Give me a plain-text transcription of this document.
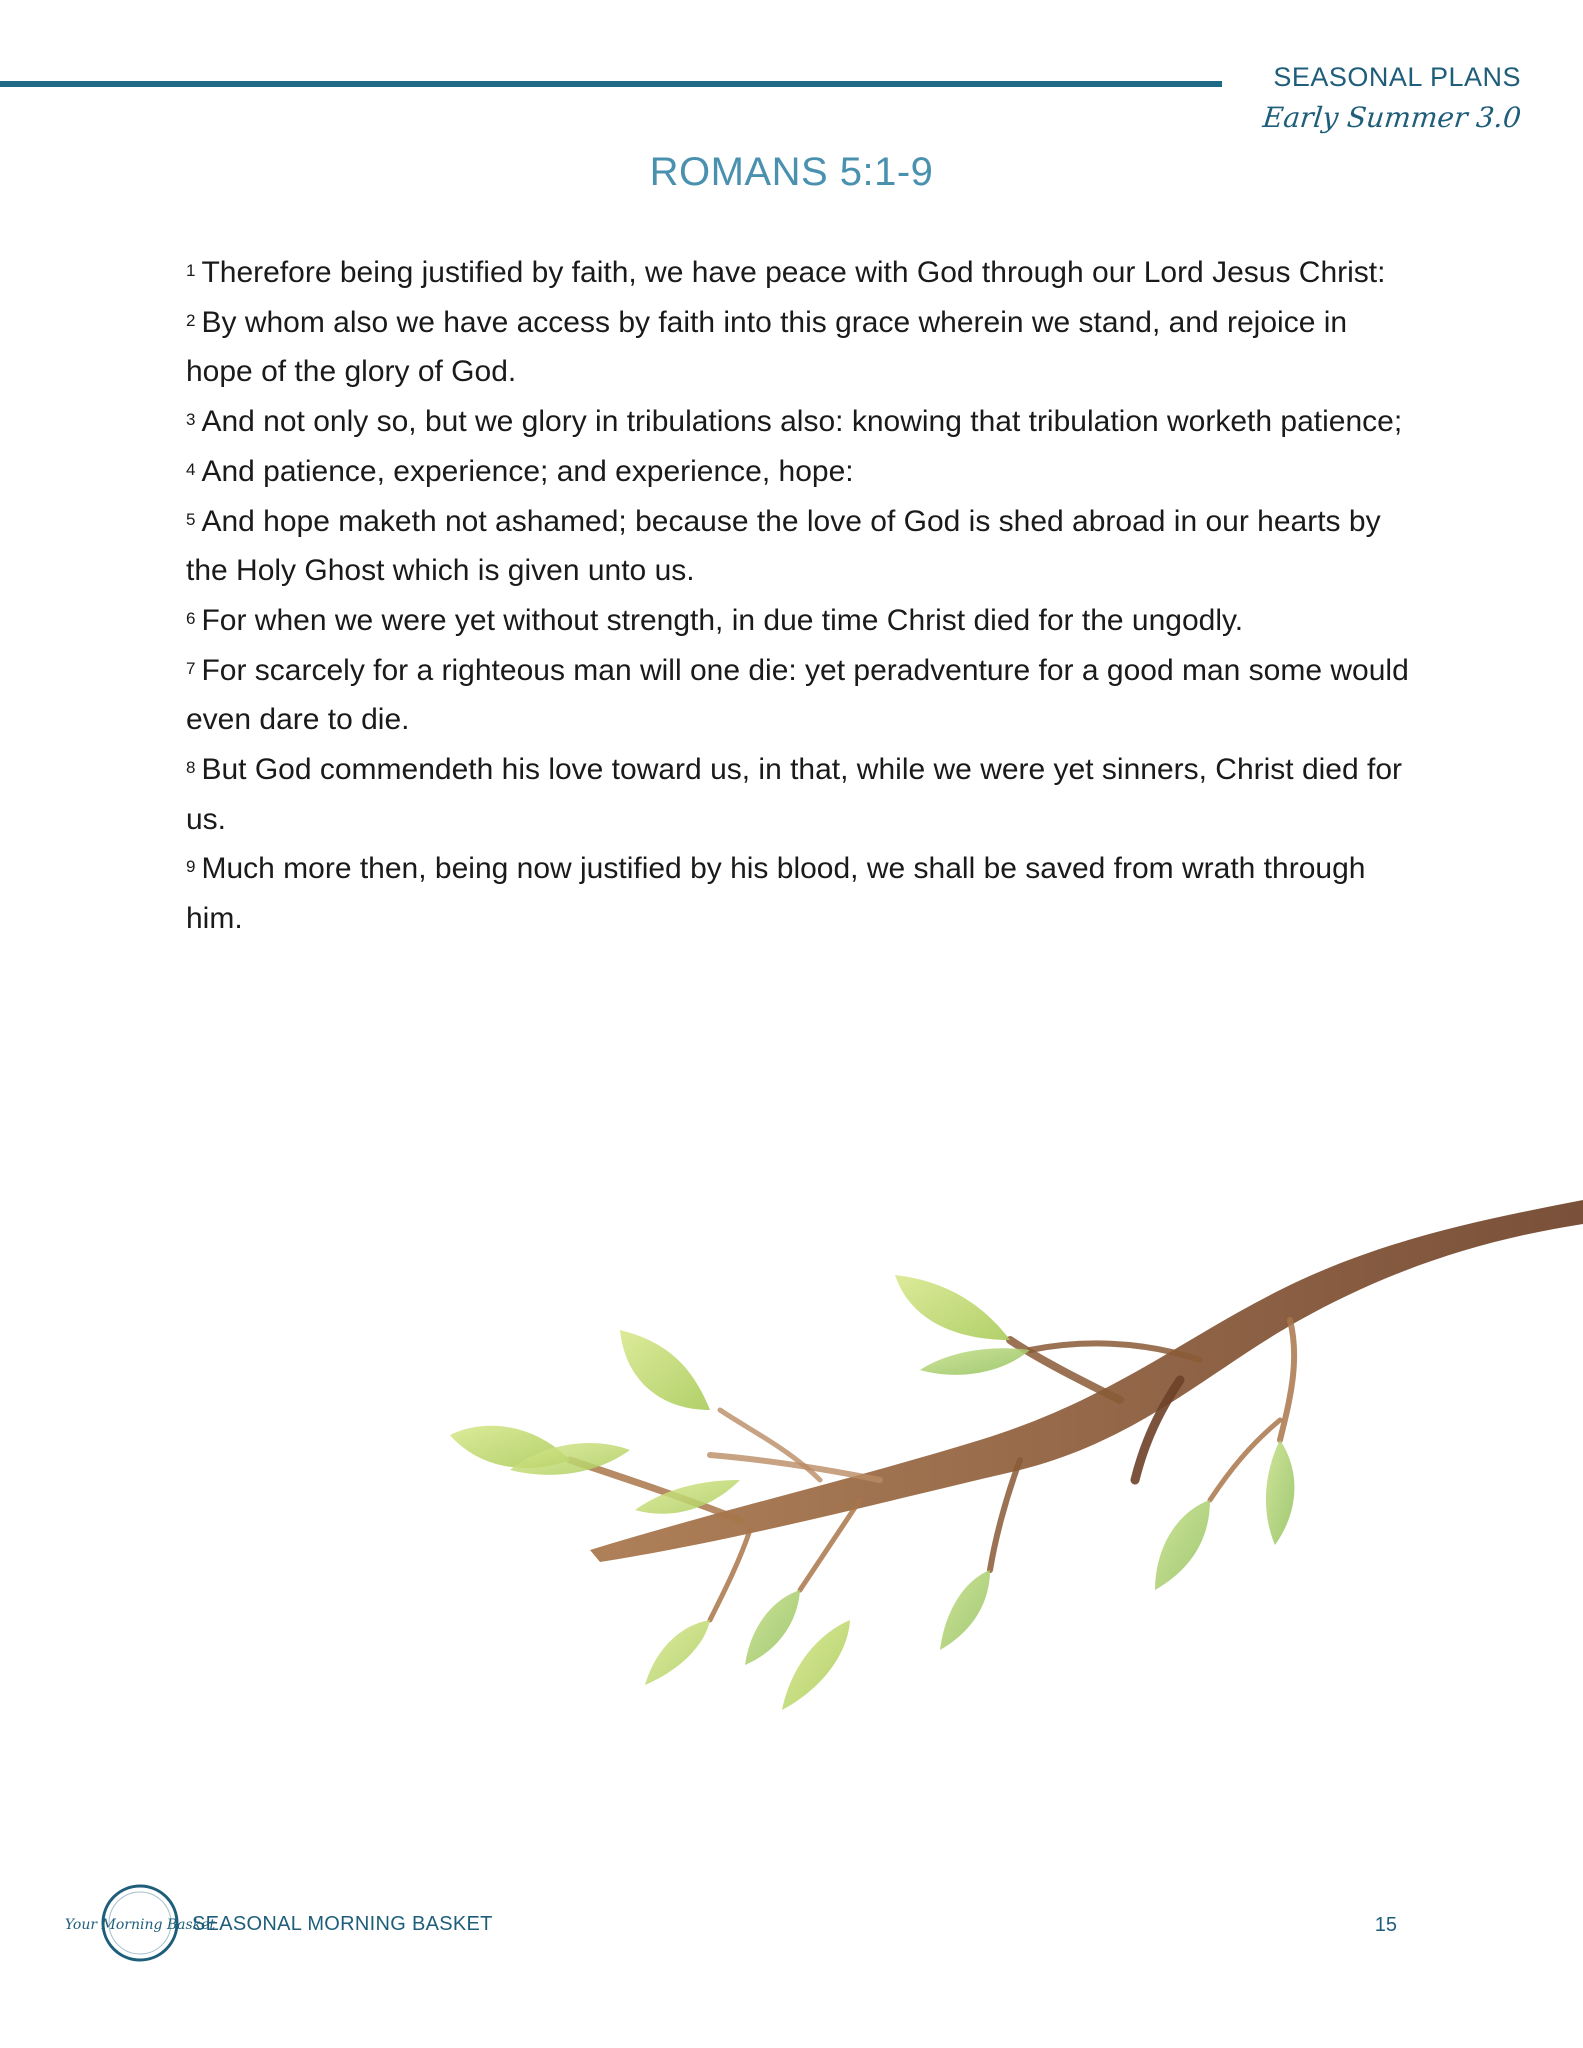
SEASONAL PLANS
Early Summer 3.0
ROMANS 5:1-9

$^1$ Therefore being justified by faith, we have peace with God through our Lord Jesus Christ:

$^2$ By whom also we have access by faith into this grace wherein we stand, and rejoice in hope of the glory of God.

$^3$ And not only so, but we glory in tribulations also: knowing that tribulation worketh patience;

$^4$ And patience, experience; and experience, hope:

$^5$ And hope maketh not ashamed; because the love of God is shed abroad in our hearts by the Holy Ghost which is given unto us.

$^6$ For when we were yet without strength, in due time Christ died for the ungodly.

$^7$ For scarcely for a righteous man will one die: yet peradventure for a good man some would even dare to die.

$^8$ But God commendeth his love toward us, in that, while we were yet sinners, Christ died for us.

$^9$ Much more then, being now justified by his blood, we shall be saved from wrath through him.

Your Morning Basket
SEASONAL MORNING BASKET	15
